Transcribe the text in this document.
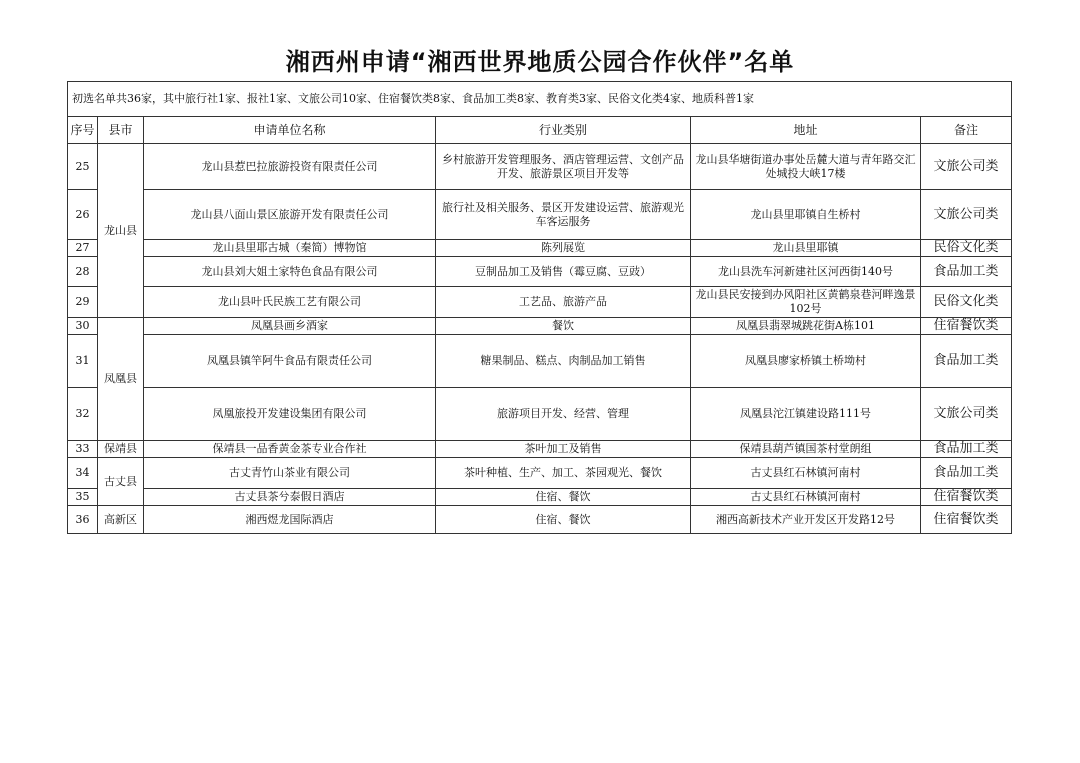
湘西州申请“湘西世界地质公园合作伙伴”名单
初选名单共36家，其中旅行社1家、报社1家、文旅公司10家、住宿餐饮类8家、食品加工类8家、教育类3家、民俗文化类4家、地质科普1家					
序号	县市	申请单位名称	行业类别	地址	备注
25	龙山县	龙山县惹巴拉旅游投资有限责任公司	乡村旅游开发管理服务、酒店管理运营、文创产品开发、旅游景区项目开发等	龙山县华塘街道办事处岳麓大道与青年路交汇处城投大峡17楼	文旅公司类
26		龙山县八面山景区旅游开发有限责任公司	旅行社及相关服务、景区开发建设运营、旅游观光车客运服务	龙山县里耶镇自生桥村	文旅公司类
27		龙山县里耶古城（秦简）博物馆	陈列展览	龙山县里耶镇	民俗文化类
28		龙山县刘大姐土家特色食品有限公司	豆制品加工及销售（霉豆腐、豆豉）	龙山县洗车河新建社区河西街140号	食品加工类
29		龙山县叶氏民族工艺有限公司	工艺品、旅游产品	龙山县民安接到办风阳社区黄鹤泉巷河畔逸景102号	民俗文化类
30	凤凰县	凤凰县画乡酒家	餐饮	凤凰县翡翠城跳花街A栋101	住宿餐饮类
31		凤凰县镇竿阿牛食品有限责任公司	糖果制品、糕点、肉制品加工销售	凤凰县廖家桥镇土桥坳村	食品加工类
32		凤凰旅投开发建设集团有限公司	旅游项目开发、经营、管理	凤凰县沱江镇建设路111号	文旅公司类
33	保靖县	保靖县一品香黄金茶专业合作社	茶叶加工及销售	保靖县葫芦镇国茶村堂朗组	食品加工类
34	古丈县	古丈青竹山茶业有限公司	茶叶种植、生产、加工、茶园观光、餐饮	古丈县红石林镇河南村	食品加工类
35		古丈县茶兮泰假日酒店	住宿、餐饮	古丈县红石林镇河南村	住宿餐饮类
36	高新区	湘西煜龙国际酒店	住宿、餐饮	湘西高新技术产业开发区开发路12号	住宿餐饮类
